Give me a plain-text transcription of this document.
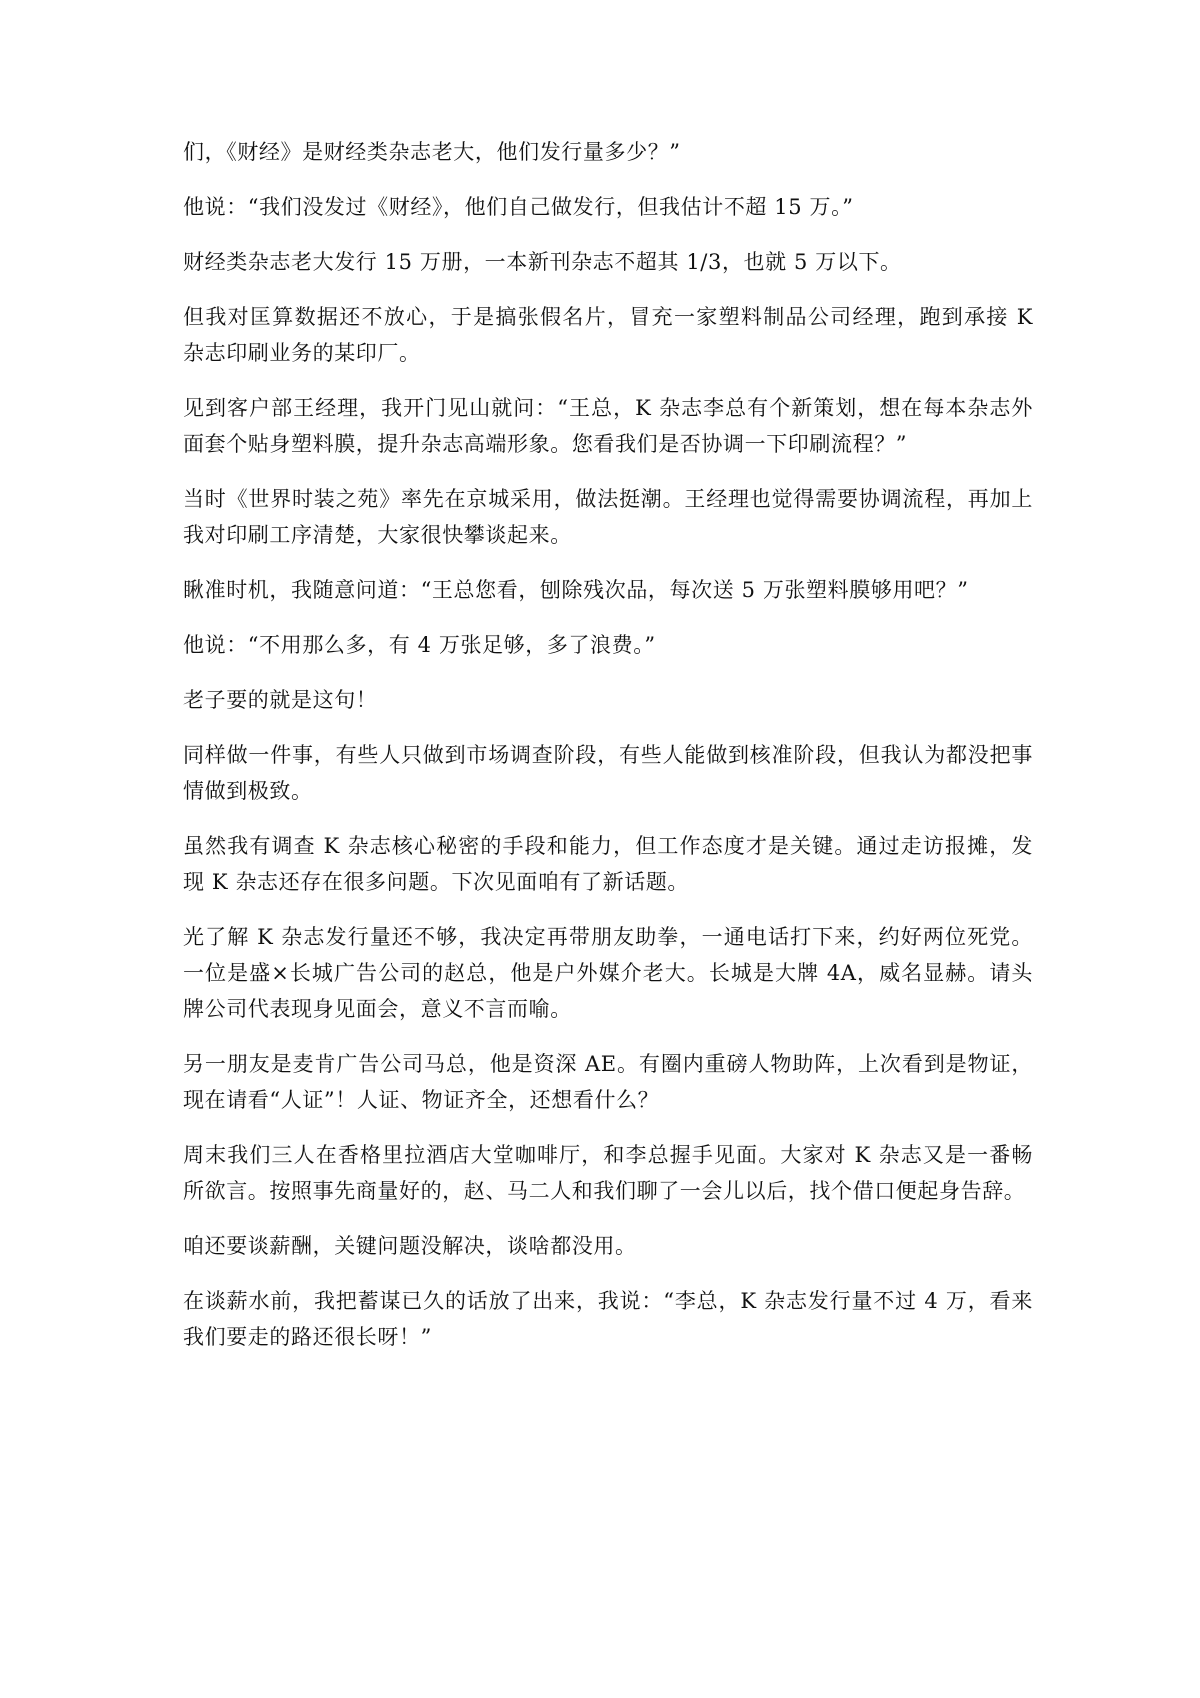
们，《财经》是财经类杂志老大，他们发行量多少？”

他说：“我们没发过《财经》，他们自己做发行，但我估计不超 15 万。”

财经类杂志老大发行 15 万册，一本新刊杂志不超其 1/3，也就 5 万以下。

但我对匡算数据还不放心，于是搞张假名片，冒充一家塑料制品公司经理，跑到承接 K 杂志印刷业务的某印厂。

见到客户部王经理，我开门见山就问：“王总，K 杂志李总有个新策划，想在每本杂志外面套个贴身塑料膜，提升杂志高端形象。您看我们是否协调一下印刷流程？”

当时《世界时装之苑》率先在京城采用，做法挺潮。王经理也觉得需要协调流程，再加上我对印刷工序清楚，大家很快攀谈起来。

瞅准时机，我随意问道：“王总您看，刨除残次品，每次送 5 万张塑料膜够用吧？”

他说：“不用那么多，有 4 万张足够，多了浪费。”

老子要的就是这句！

同样做一件事，有些人只做到市场调查阶段，有些人能做到核准阶段，但我认为都没把事情做到极致。

虽然我有调查 K 杂志核心秘密的手段和能力，但工作态度才是关键。通过走访报摊，发现 K 杂志还存在很多问题。下次见面咱有了新话题。

光了解 K 杂志发行量还不够，我决定再带朋友助拳，一通电话打下来，约好两位死党。一位是盛×长城广告公司的赵总，他是户外媒介老大。长城是大牌 4A，威名显赫。请头牌公司代表现身见面会，意义不言而喻。

另一朋友是麦肯广告公司马总，他是资深 AE。有圈内重磅人物助阵，上次看到是物证，现在请看“人证”！人证、物证齐全，还想看什么？

周末我们三人在香格里拉酒店大堂咖啡厅，和李总握手见面。大家对 K 杂志又是一番畅所欲言。按照事先商量好的，赵、马二人和我们聊了一会儿以后，找个借口便起身告辞。

咱还要谈薪酬，关键问题没解决，谈啥都没用。

在谈薪水前，我把蓄谋已久的话放了出来，我说：“李总，K 杂志发行量不过 4 万，看来我们要走的路还很长呀！”
